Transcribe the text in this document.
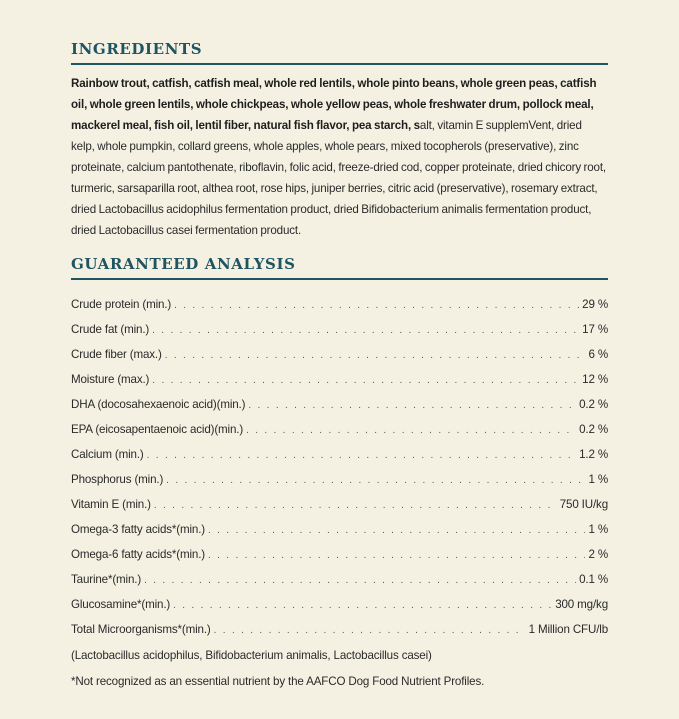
INGREDIENTS

Rainbow trout, catfish, catfish meal, whole red lentils, whole pinto beans, whole green peas, catfish oil, whole green lentils, whole chickpeas, whole yellow peas, whole freshwater drum, pollock meal, mackerel meal, fish oil, lentil fiber, natural fish flavor, pea starch, salt, vitamin E supplemVent, dried kelp, whole pumpkin, collard greens, whole apples, whole pears, mixed tocopherols (preservative), zinc proteinate, calcium pantothenate, riboflavin, folic acid, freeze-dried cod, copper proteinate, dried chicory root, turmeric, sarsaparilla root, althea root, rose hips, juniper berries, citric acid (preservative), rosemary extract, dried Lactobacillus acidophilus fermentation product, dried Bifidobacterium animalis fermentation product, dried Lactobacillus casei fermentation product.

GUARANTEED ANALYSIS
Crude protein (min.) . . .	29 %
Crude fat (min.) . . .	17 %
Crude fiber (max.) . . .	6 %
Moisture (max.) . . .	12 %
DHA (docosahexaenoic acid)(min.) . . .	0.2 %
EPA (eicosapentaenoic acid)(min.) . . .	0.2 %
Calcium (min.) . . .	1.2 %
Phosphorus (min.) . . .	1 %
Vitamin E (min.) . . .	750 IU/kg
Omega-3 fatty acids*(min.) . . .	1 %
Omega-6 fatty acids*(min.) . . .	2 %
Taurine*(min.) . . .	0.1 %
Glucosamine*(min.) . . .	300 mg/kg
Total Microorganisms*(min.) . . .	1 Million CFU/lb

(Lactobacillus acidophilus, Bifidobacterium animalis, Lactobacillus casei)

*Not recognized as an essential nutrient by the AAFCO Dog Food Nutrient Profiles.
